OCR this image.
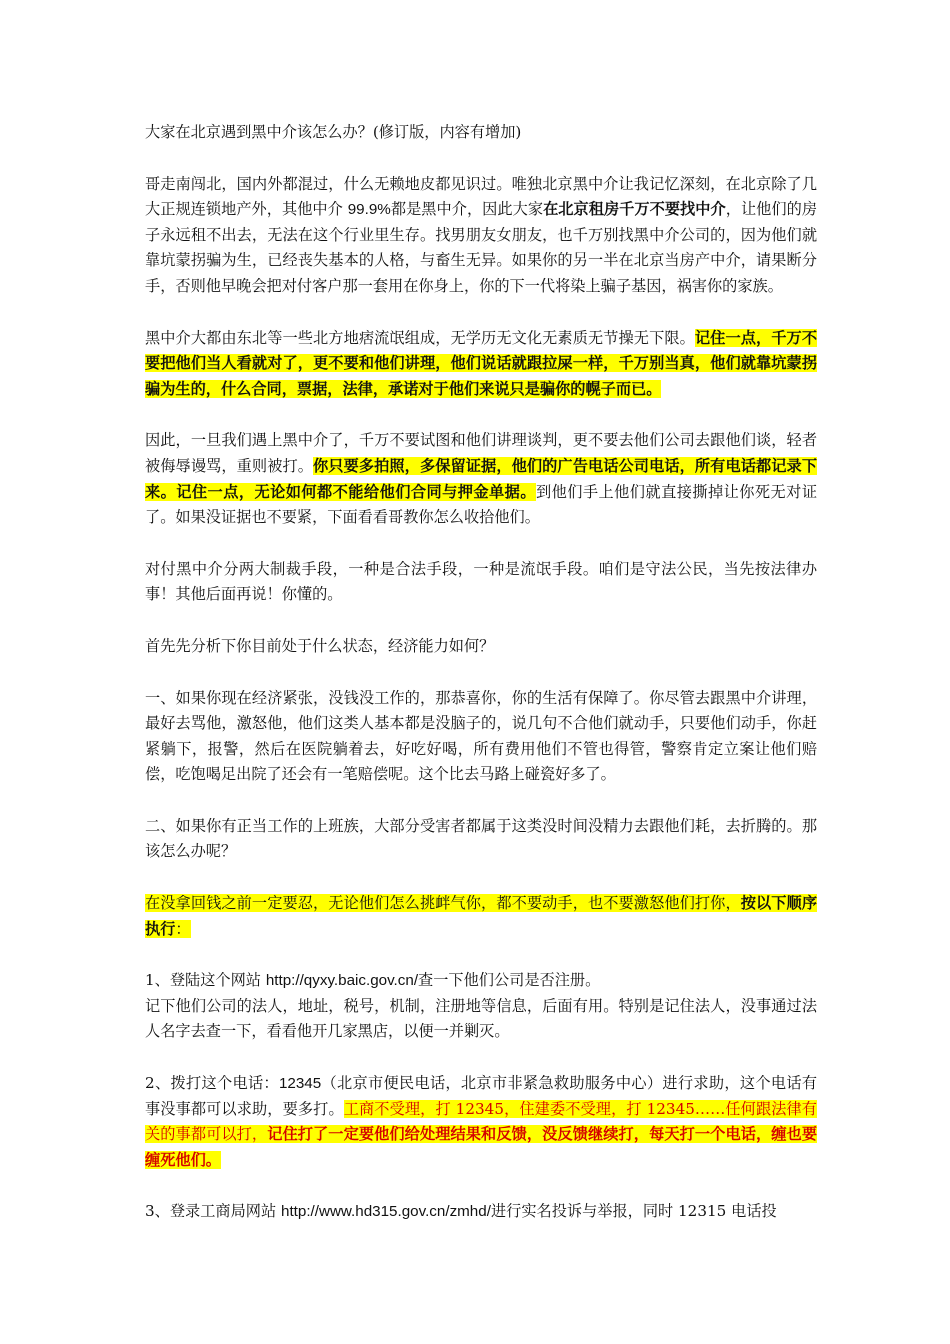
大家在北京遇到黑中介该怎么办？(修订版，内容有增加)

哥走南闯北，国内外都混过，什么无赖地皮都见识过。唯独北京黑中介让我记忆深刻，在北京除了几大正规连锁地产外，其他中介 99.9%都是黑中介，因此大家在北京租房千万不要找中介，让他们的房子永远租不出去，无法在这个行业里生存。找男朋友女朋友，也千万别找黑中介公司的，因为他们就靠坑蒙拐骗为生，已经丧失基本的人格，与畜生无异。如果你的另一半在北京当房产中介，请果断分手，否则他早晚会把对付客户那一套用在你身上，你的下一代将染上骗子基因，祸害你的家族。

黑中介大都由东北等一些北方地痞流氓组成，无学历无文化无素质无节操无下限。记住一点，千万不要把他们当人看就对了，更不要和他们讲理，他们说话就跟拉屎一样，千万别当真，他们就靠坑蒙拐骗为生的，什么合同，票据，法律，承诺对于他们来说只是骗你的幌子而已。

因此，一旦我们遇上黑中介了，千万不要试图和他们讲理谈判，更不要去他们公司去跟他们谈，轻者被侮辱谩骂，重则被打。你只要多拍照，多保留证据，他们的广告电话公司电话，所有电话都记录下来。记住一点，无论如何都不能给他们合同与押金单据。到他们手上他们就直接撕掉让你死无对证了。如果没证据也不要紧，下面看看哥教你怎么收拾他们。

对付黑中介分两大制裁手段，一种是合法手段，一种是流氓手段。咱们是守法公民，当先按法律办事！其他后面再说！你懂的。

首先先分析下你目前处于什么状态，经济能力如何？

一、如果你现在经济紧张，没钱没工作的，那恭喜你，你的生活有保障了。你尽管去跟黑中介讲理，最好去骂他，激怒他，他们这类人基本都是没脑子的，说几句不合他们就动手，只要他们动手，你赶紧躺下，报警，然后在医院躺着去，好吃好喝，所有费用他们不管也得管，警察肯定立案让他们赔偿，吃饱喝足出院了还会有一笔赔偿呢。这个比去马路上碰瓷好多了。

二、如果你有正当工作的上班族，大部分受害者都属于这类没时间没精力去跟他们耗，去折腾的。那该怎么办呢？

在没拿回钱之前一定要忍，无论他们怎么挑衅气你，都不要动手，也不要激怒他们打你，按以下顺序执行：

1、登陆这个网站 http://qyxy.baic.gov.cn/查一下他们公司是否注册。

记下他们公司的法人，地址，税号，机制，注册地等信息，后面有用。特别是记住法人，没事通过法人名字去查一下，看看他开几家黑店，以便一并剿灭。

2、拨打这个电话：12345（北京市便民电话，北京市非紧急救助服务中心）进行求助，这个电话有事没事都可以求助，要多打。工商不受理，打 12345，住建委不受理，打 12345……任何跟法律有关的事都可以打，记住打了一定要他们给处理结果和反馈，没反馈继续打，每天打一个电话，缠也要缠死他们。

3、登录工商局网站 http://www.hd315.gov.cn/zmhd/进行实名投诉与举报，同时 12315 电话投
